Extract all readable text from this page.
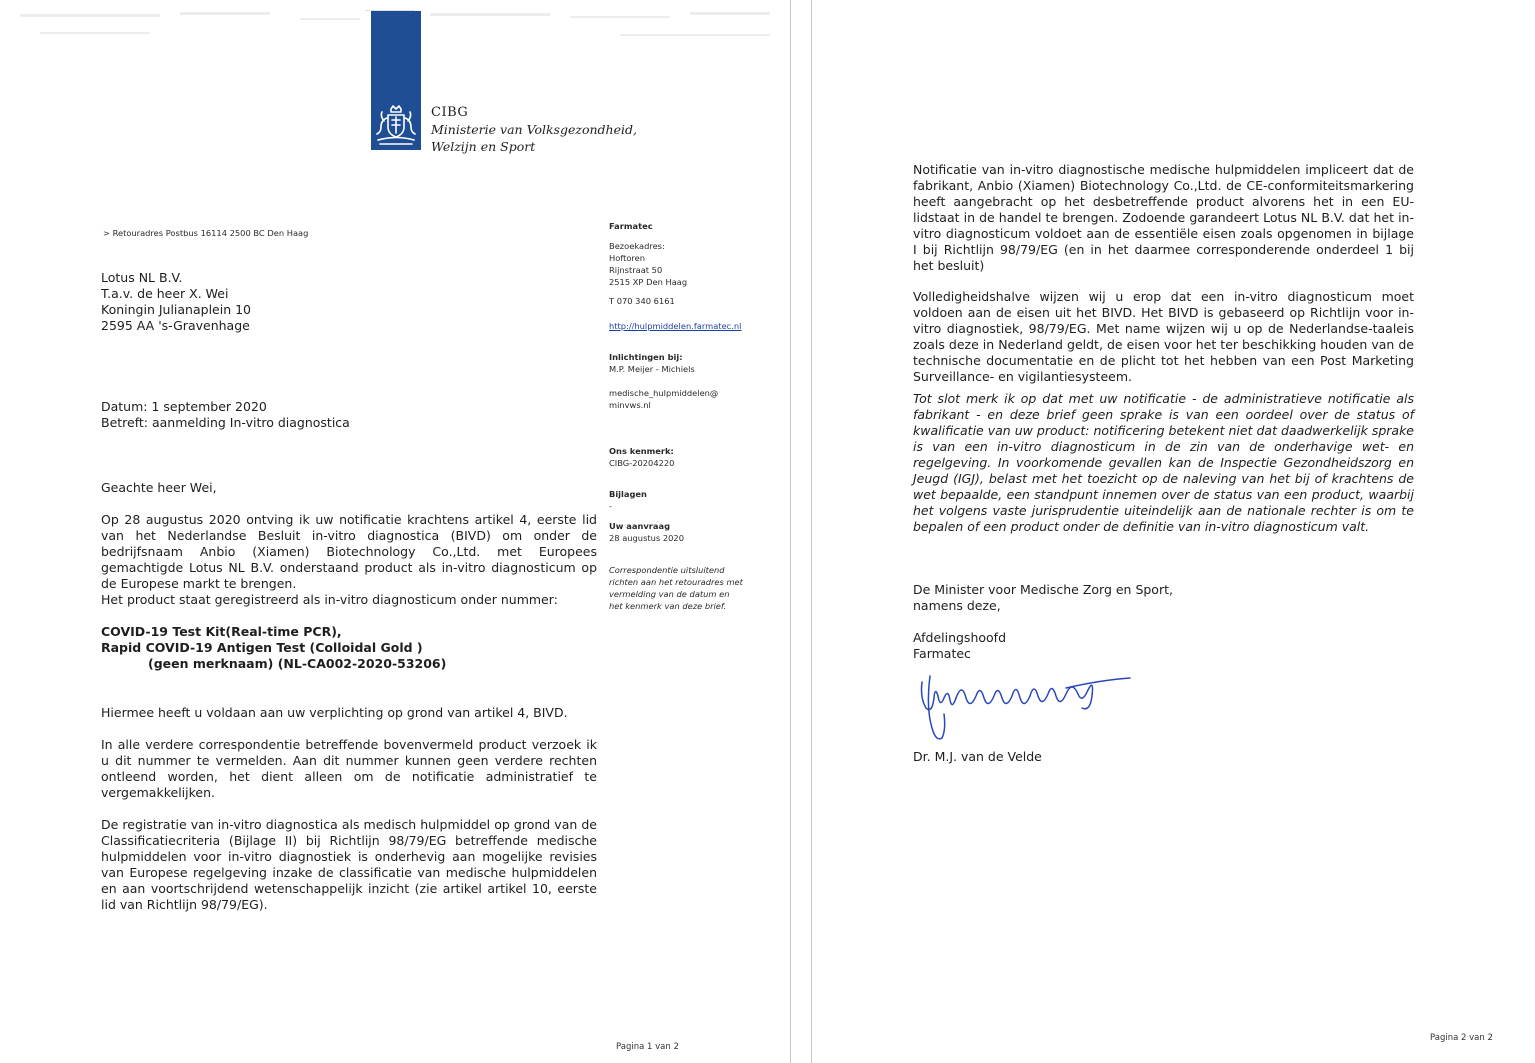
CIBG
Ministerie van Volksgezondheid,
Welzijn en Sport
> Retouradres Postbus 16114 2500 BC Den Haag
Lotus NL B.V.
T.a.v. de heer X. Wei
Koningin Julianaplein 10
2595 AA 's-Gravenhage
Datum: 1 september 2020
Betreft: aanmelding In-vitro diagnostica
Farmatec
Bezoekadres:
Hoftoren
Rijnstraat 50
2515 XP Den Haag
T 070 340 6161
http://hulpmiddelen.farmatec.nl
Inlichtingen bij:
M.P. Meijer - Michiels
medische_hulpmiddelen@
minvws.nl
Ons kenmerk:
CIBG-20204220
Bijlagen
-
Uw aanvraag
28 augustus 2020
Correspondentie uitsluitend
richten aan het retouradres met
vermelding van de datum en
het kenmerk van deze brief.
Geachte heer Wei,
Op 28 augustus 2020 ontving ik uw notificatie krachtens artikel 4, eerste lid van het Nederlandse Besluit in-vitro diagnostica (BIVD) om onder de bedrijfsnaam Anbio (Xiamen) Biotechnology Co.,Ltd. met Europees gemachtigde Lotus NL B.V. onderstaand product als in-vitro diagnosticum op de Europese markt te brengen.
Het product staat geregistreerd als in-vitro diagnosticum onder nummer:
COVID-19 Test Kit(Real-time PCR),
Rapid COVID-19 Antigen Test (Colloidal Gold )
(geen merknaam) (NL-CA002-2020-53206)
Hiermee heeft u voldaan aan uw verplichting op grond van artikel 4, BIVD.
In alle verdere correspondentie betreffende bovenvermeld product verzoek ik u dit nummer te vermelden. Aan dit nummer kunnen geen verdere rechten ontleend worden, het dient alleen om de notificatie administratief te vergemakkelijken.
De registratie van in-vitro diagnostica als medisch hulpmiddel op grond van de Classificatiecriteria (Bijlage II) bij Richtlijn 98/79/EG betreffende medische hulpmiddelen voor in-vitro diagnostiek is onderhevig aan mogelijke revisies van Europese regelgeving inzake de classificatie van medische hulpmiddelen en aan voortschrijdend wetenschappelijk inzicht (zie artikel artikel 10, eerste lid van Richtlijn 98/79/EG).
Pagina 1 van 2
Notificatie van in-vitro diagnostische medische hulpmiddelen impliceert dat de fabrikant, Anbio (Xiamen) Biotechnology Co.,Ltd. de CE-conformiteitsmarkering heeft aangebracht op het desbetreffende product alvorens het in een EU-lidstaat in de handel te brengen. Zodoende garandeert Lotus NL B.V. dat het in-vitro diagnosticum voldoet aan de essentiële eisen zoals opgenomen in bijlage I bij Richtlijn 98/79/EG (en in het daarmee corresponderende onderdeel 1 bij het besluit)
Volledigheidshalve wijzen wij u erop dat een in-vitro diagnosticum moet voldoen aan de eisen uit het BIVD. Het BIVD is gebaseerd op Richtlijn voor in-vitro diagnostiek, 98/79/EG. Met name wijzen wij u op de Nederlandse-taaleis zoals deze in Nederland geldt, de eisen voor het ter beschikking houden van de technische documentatie en de plicht tot het hebben van een Post Marketing Surveillance- en vigilantiesysteem.
Tot slot merk ik op dat met uw notificatie - de administratieve notificatie als fabrikant - en deze brief geen sprake is van een oordeel over de status of kwalificatie van uw product: notificering betekent niet dat daadwerkelijk sprake is van een in-vitro diagnosticum in de zin van de onderhavige wet- en regelgeving. In voorkomende gevallen kan de Inspectie Gezondheidszorg en Jeugd (IGJ), belast met het toezicht op de naleving van het bij of krachtens de wet bepaalde, een standpunt innemen over de status van een product, waarbij het volgens vaste jurisprudentie uiteindelijk aan de nationale rechter is om te bepalen of een product onder de definitie van in-vitro diagnosticum valt.
De Minister voor Medische Zorg en Sport,
namens deze,
Afdelingshoofd
Farmatec
Dr. M.J. van de Velde
Pagina 2 van 2
